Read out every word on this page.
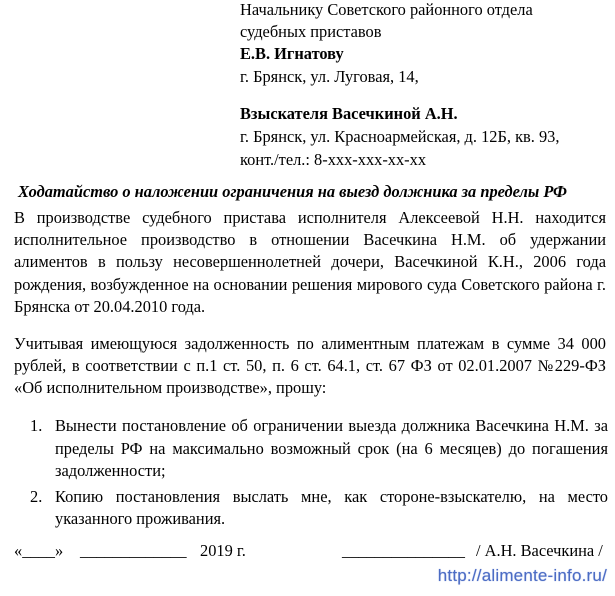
Начальнику Советского районного отдела

судебных приставов

Е.В. Игнатову

г. Брянск, ул. Луговая, 14,

Взыскателя Васечкиной А.Н.

г. Брянск, ул. Красноармейская, д. 12Б, кв. 93,

конт./тел.: 8-ххх-ххх-хх-хх

Ходатайство о наложении ограничения на выезд должника за пределы РФ

В производстве судебного пристава исполнителя Алексеевой Н.Н. находится исполнительное производство в отношении Васечкина Н.М. об удержании алиментов в пользу несовершеннолетней дочери, Васечкиной К.Н., 2006 года рождения, возбужденное на основании решения мирового суда Советского района г. Брянска от 20.04.2010 года.

Учитывая имеющуюся задолженность по алиментным платежам в сумме 34 000 рублей, в соответствии с п.1 ст. 50, п. 6 ст. 64.1, ст. 67 ФЗ от 02.01.2007 №229-ФЗ «Об исполнительном производстве», прошу:

1. Вынести постановление об ограничении выезда должника Васечкина Н.М. за пределы РФ на максимально возможный срок (на 6 месяцев) до погашения задолженности;
2. Копию постановления выслать мне, как стороне-взыскателю, на место указанного проживания.
«____» _____________ 2019 г.	_______________ / А.Н. Васечкина /
http://alimente-info.ru/
